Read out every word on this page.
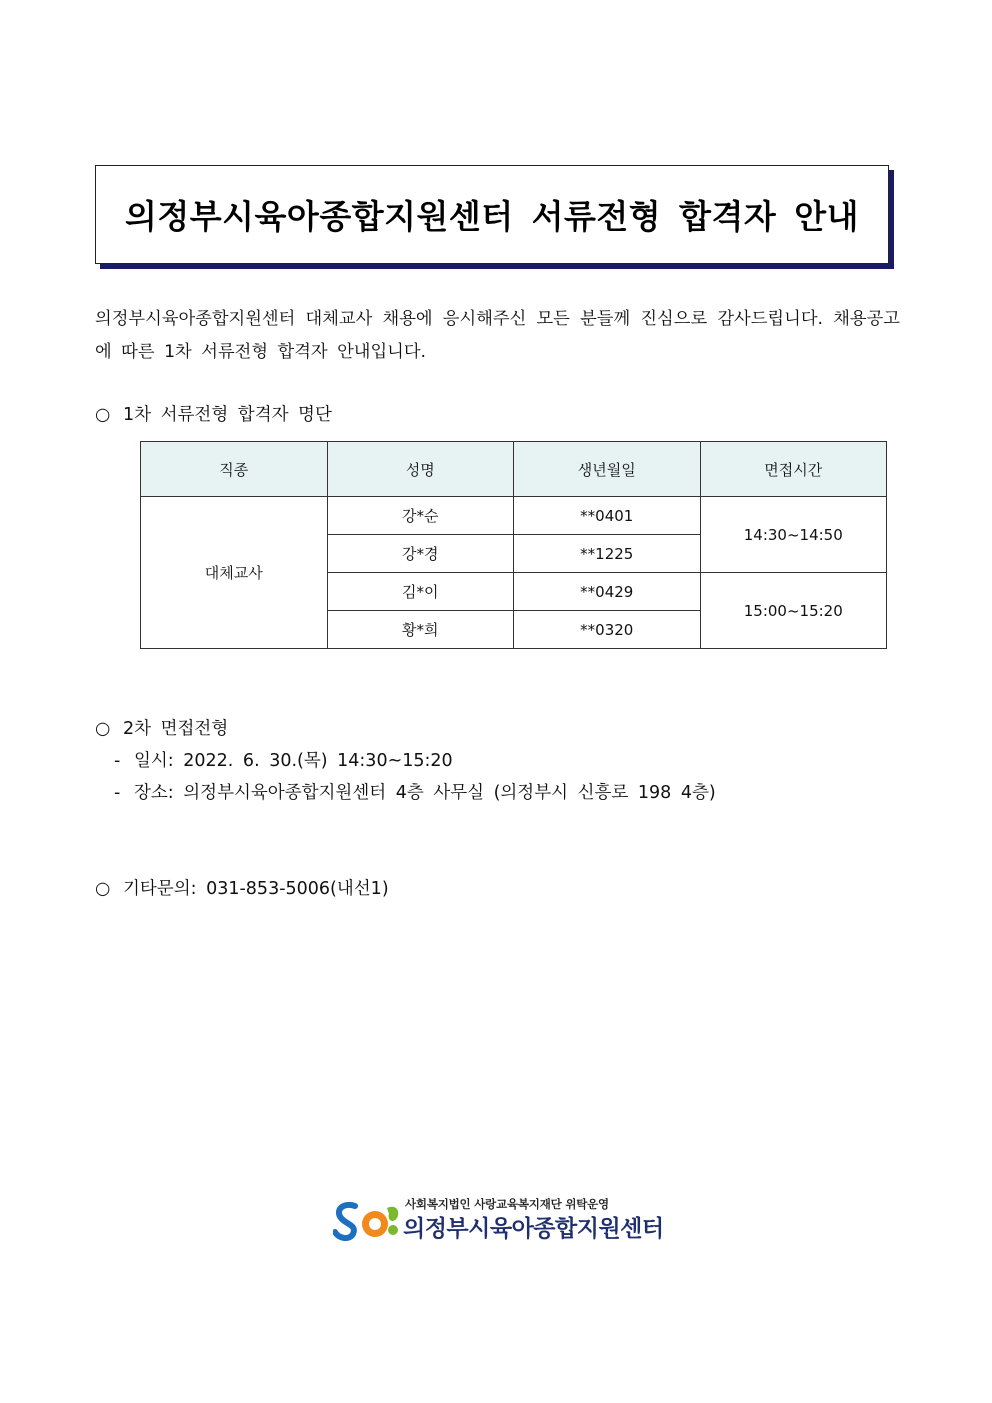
의정부시육아종합지원센터 서류전형 합격자 안내

의정부시육아종합지원센터 대체교사 채용에 응시해주신 모든 분들께 진심으로 감사드립니다. 채용공고에 따른 1차 서류전형 합격자 안내입니다.

○ 1차 서류전형 합격자 명단

직종	성명	생년월일	면접시간
대체교사	강*순	**0401	14:30~14:50
	강*경	**1225	
	김*이	**0429	15:00~15:20
	황*희	**0320	

○ 2차 면접전형

- 일시: 2022. 6. 30.(목) 14:30~15:20

- 장소: 의정부시육아종합지원센터 4층 사무실 (의정부시 신흥로 198 4층)

○ 기타문의: 031-853-5006(내선1)

사회복지법인 사랑교육복지재단 위탁운영
의정부시육아종합지원센터
